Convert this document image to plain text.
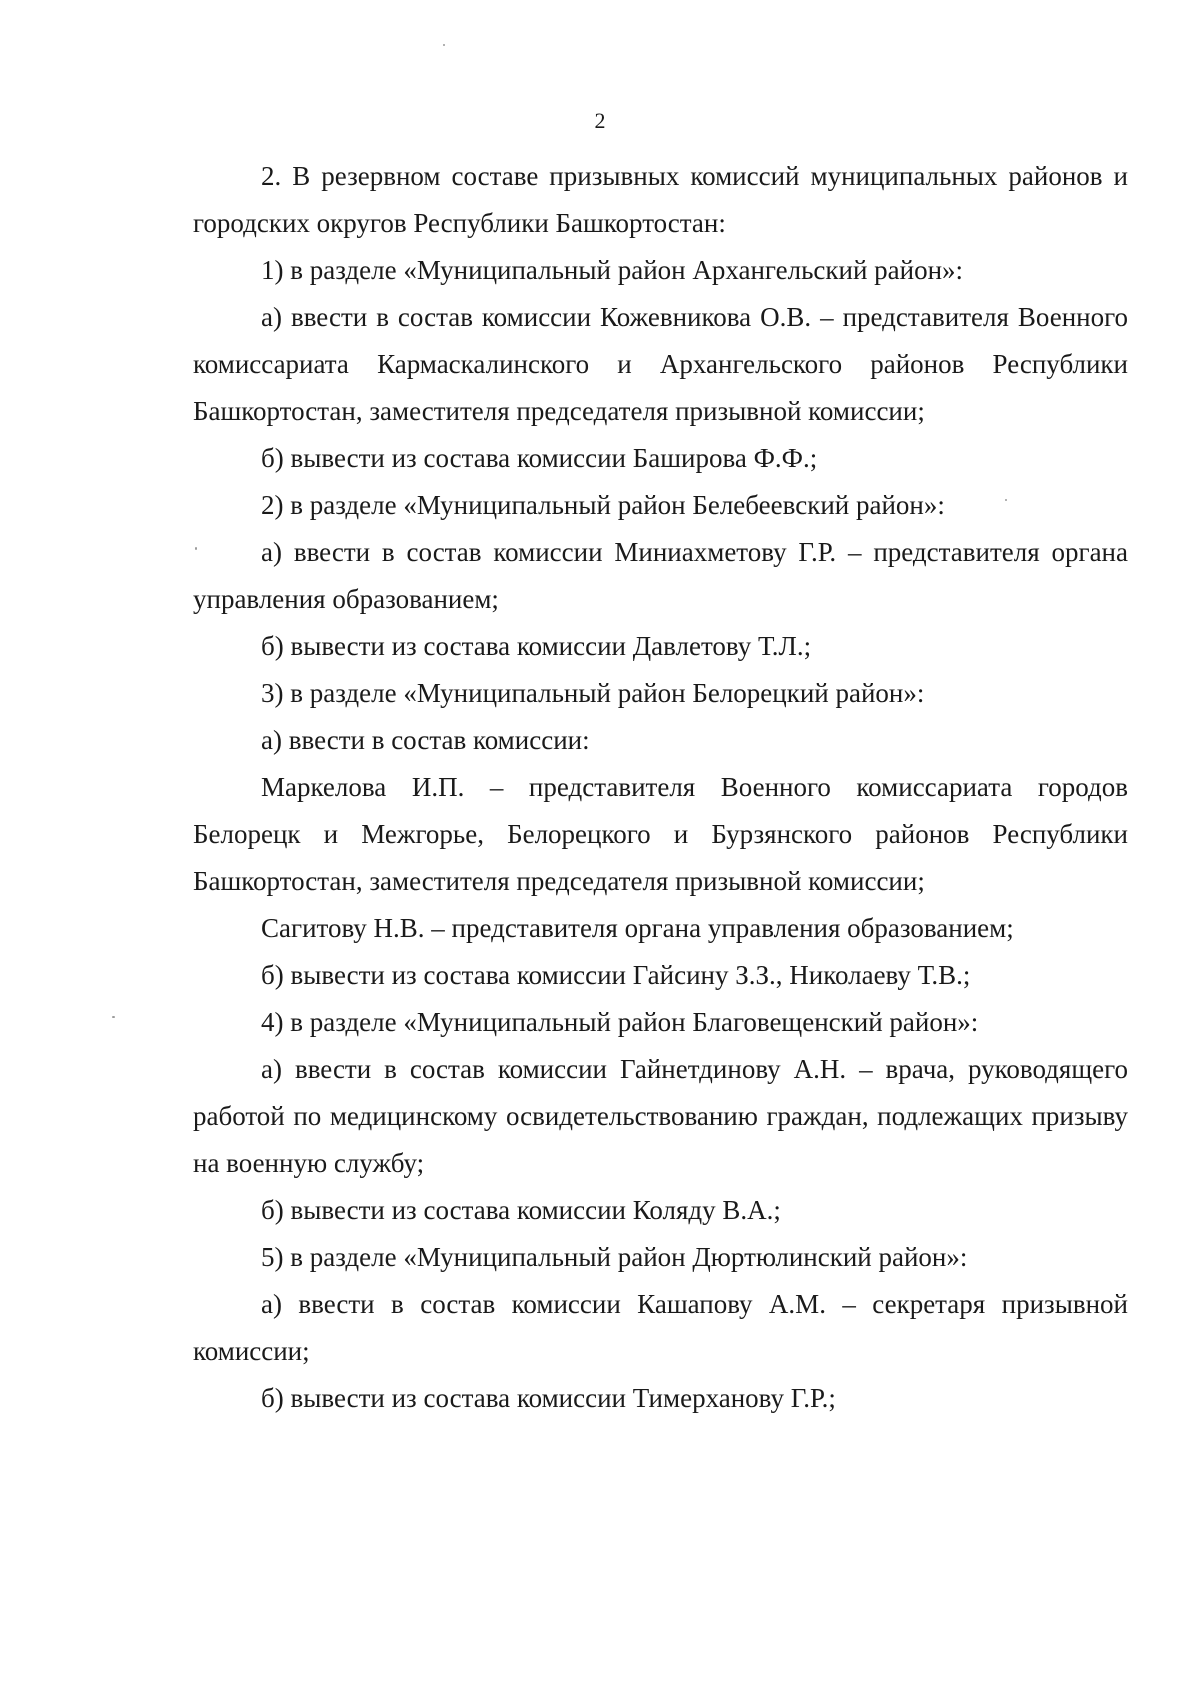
2

2. В резервном составе призывных комиссий муниципальных районов и городских округов Республики Башкортостан:

1) в разделе «Муниципальный район Архангельский район»:

а) ввести в состав комиссии Кожевникова О.В. – представителя Военного комиссариата Кармаскалинского и Архангельского районов Республики Башкортостан, заместителя председателя призывной комиссии;

б) вывести из состава комиссии Баширова Ф.Ф.;

2) в разделе «Муниципальный район Белебеевский район»:

а) ввести в состав комиссии Миниахметову Г.Р. – представителя органа управления образованием;

б) вывести из состава комиссии Давлетову Т.Л.;

3) в разделе «Муниципальный район Белорецкий район»:

а) ввести в состав комиссии:

Маркелова И.П. – представителя Военного комиссариата городов Белорецк и Межгорье, Белорецкого и Бурзянского районов Республики Башкортостан, заместителя председателя призывной комиссии;

Сагитову Н.В. – представителя органа управления образованием;

б) вывести из состава комиссии Гайсину З.З., Николаеву Т.В.;

4) в разделе «Муниципальный район Благовещенский район»:

а) ввести в состав комиссии Гайнетдинову А.Н. – врача, руководящего работой по медицинскому освидетельствованию граждан, подлежащих призыву на военную службу;

б) вывести из состава комиссии Коляду В.А.;

5) в разделе «Муниципальный район Дюртюлинский район»:

а) ввести в состав комиссии Кашапову А.М. – секретаря призывной комиссии;

б) вывести из состава комиссии Тимерханову Г.Р.;
